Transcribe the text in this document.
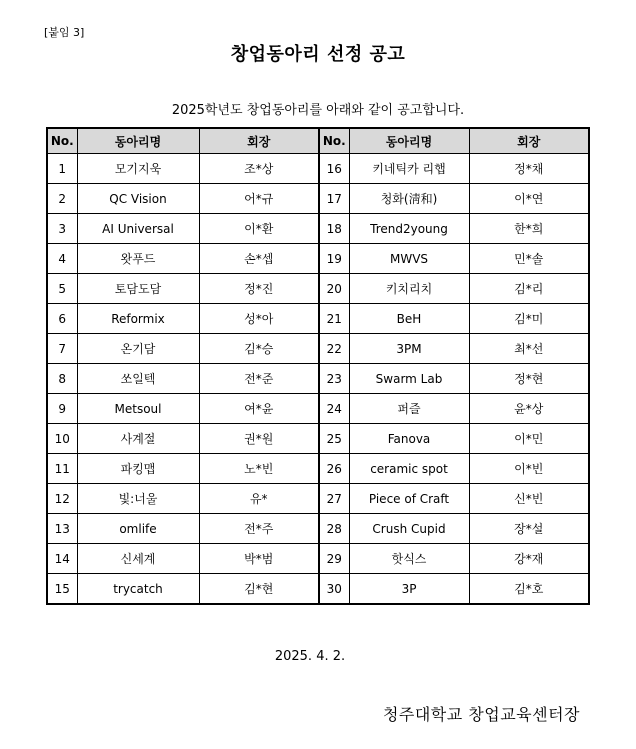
[붙임 3]
창업동아리 선정 공고
2025학년도 창업동아리를 아래와 같이 공고합니다.
No.	동아리명	회장	No.	동아리명	회장
1	모기지욱	조*상	16	키네틱카 리햅	정*채
2	QC Vision	어*규	17	청화(淸和)	이*연
3	AI Universal	이*환	18	Trend2young	한*희
4	왓푸드	손*셉	19	MWVS	민*솔
5	토담도담	정*진	20	키치리치	김*리
6	Reformix	성*아	21	BeH	김*미
7	온기담	김*승	22	3PM	최*선
8	쏘일텍	전*준	23	Swarm Lab	정*현
9	Metsoul	여*윤	24	퍼즐	윤*상
10	사계절	권*원	25	Fanova	이*민
11	파킹맵	노*빈	26	ceramic spot	이*빈
12	빛:너울	유*	27	Piece of Craft	신*빈
13	omlife	전*주	28	Crush Cupid	장*설
14	신세계	박*범	29	핫식스	강*재
15	trycatch	김*현	30	3P	김*호
2025. 4. 2.
청주대학교 창업교육센터장
